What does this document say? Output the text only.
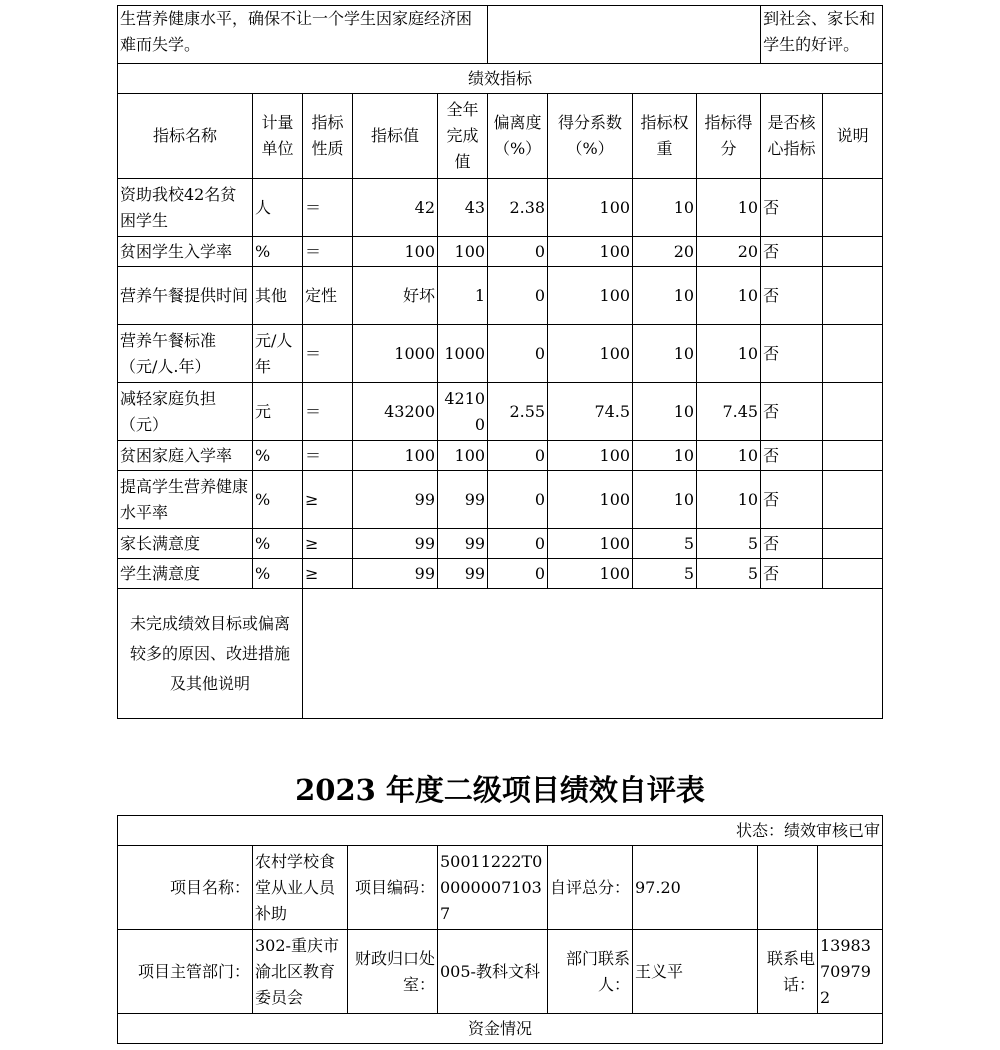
生营养健康水平，确保不让一个学生因家庭经济困难而失学。									到社会、家长和学生的好评。	
绩效指标										
指标名称	计量单位	指标性质	指标值	全年完成值	偏离度（%）	得分系数（%）	指标权重	指标得分	是否核心指标	说明
资助我校42名贫困学生	人	＝	42	43	2.38	100	10	10	否	
贫困学生入学率	%	＝	100	100	0	100	20	20	否	
营养午餐提供时间	其他	定性	好坏	1	0	100	10	10	否	
营养午餐标准（元/人.年）	元/人年	＝	1000	1000	0	100	10	10	否	
减轻家庭负担（元）	元	＝	43200	42100	2.55	74.5	10	7.45	否	
贫困家庭入学率	%	＝	100	100	0	100	10	10	否	
提高学生营养健康水平率	%	≥	99	99	0	100	10	10	否	
家长满意度	%	≥	99	99	0	100	5	5	否	
学生满意度	%	≥	99	99	0	100	5	5	否	
未完成绩效目标或偏离较多的原因、改进措施及其他说明										
2023 年度二级项目绩效自评表
状态：绩效审核已审							
项目名称：	农村学校食堂从业人员补助	项目编码：	50011222T000000071037	自评总分：	97.20		
项目主管部门：	302-重庆市渝北区教育委员会	财政归口处室：	005-教科文科	部门联系人：	王义平	联系电话：	13983709792
资金情况							
